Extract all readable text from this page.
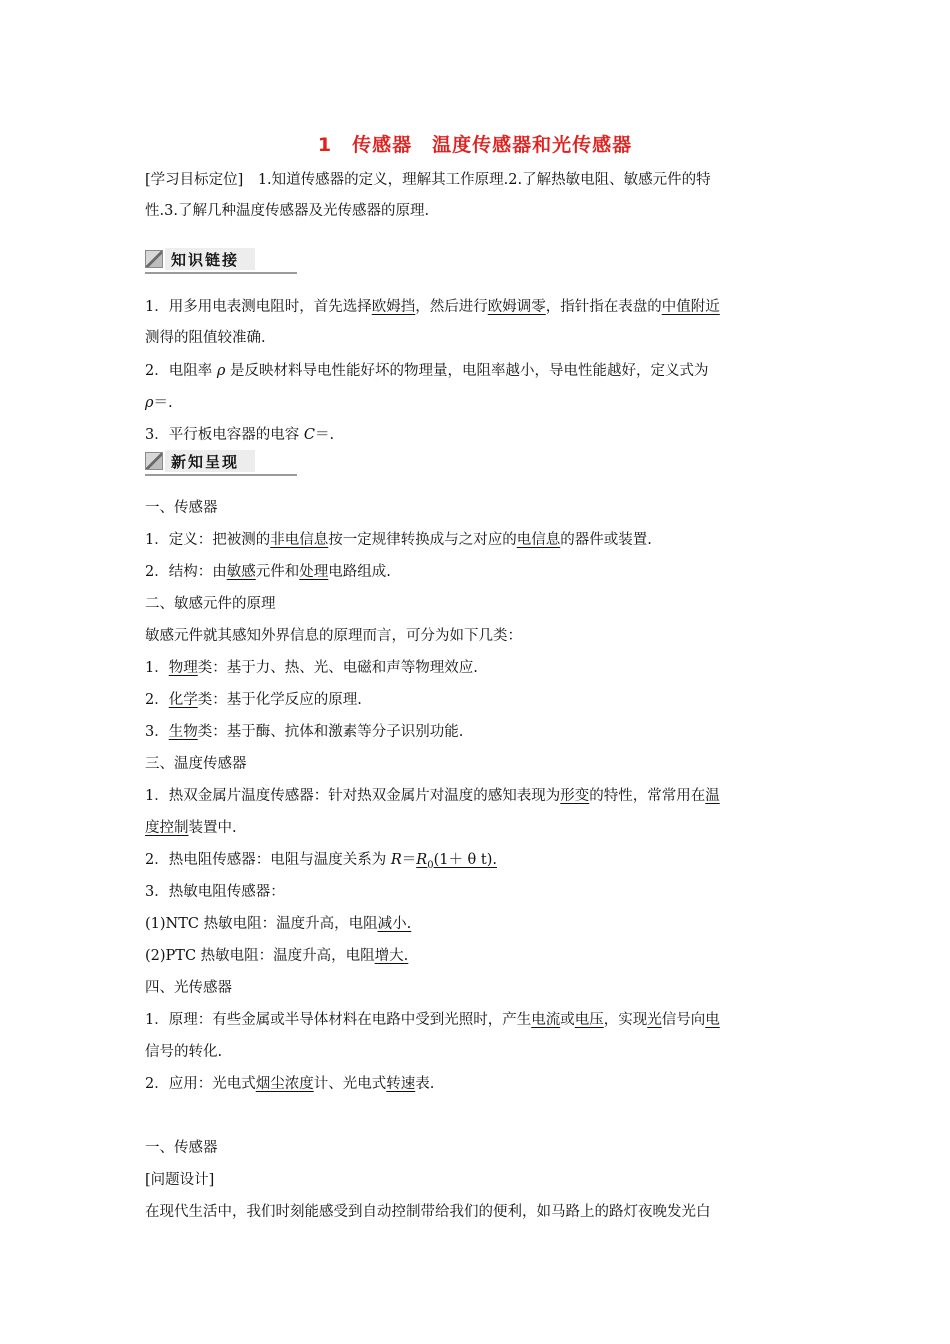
1　传感器　温度传感器和光传感器
[学习目标定位]　1.知道传感器的定义，理解其工作原理.2.了解热敏电阻、敏感元件的特
性.3.了解几种温度传感器及光传感器的原理.
知识链接
1．用多用电表测电阻时，首先选择欧姆挡，然后进行欧姆调零，指针指在表盘的中值附近
测得的阻值较准确.
2．电阻率 ρ 是反映材料导电性能好坏的物理量，电阻率越小，导电性能越好，定义式为
ρ＝.
3．平行板电容器的电容 C＝.
新知呈现
一、传感器
1．定义：把被测的非电信息按一定规律转换成与之对应的电信息的器件或装置.
2．结构：由敏感元件和处理电路组成.
二、敏感元件的原理
敏感元件就其感知外界信息的原理而言，可分为如下几类：
1．物理类：基于力、热、光、电磁和声等物理效应.
2．化学类：基于化学反应的原理.
3．生物类：基于酶、抗体和激素等分子识别功能.
三、温度传感器
1．热双金属片温度传感器：针对热双金属片对温度的感知表现为形变的特性，常常用在温
度控制装置中.
2．热电阻传感器：电阻与温度关系为 $R=R_0(1+ \theta$ t).
3．热敏电阻传感器：
(1)NTC 热敏电阻：温度升高，电阻减小.
(2)PTC 热敏电阻：温度升高，电阻增大.
四、光传感器
1．原理：有些金属或半导体材料在电路中受到光照时，产生电流或电压，实现光信号向电
信号的转化.
2．应用：光电式烟尘浓度计、光电式转速表.
一、传感器
[问题设计]
在现代生活中，我们时刻能感受到自动控制带给我们的便利，如马路上的路灯夜晚发光白
